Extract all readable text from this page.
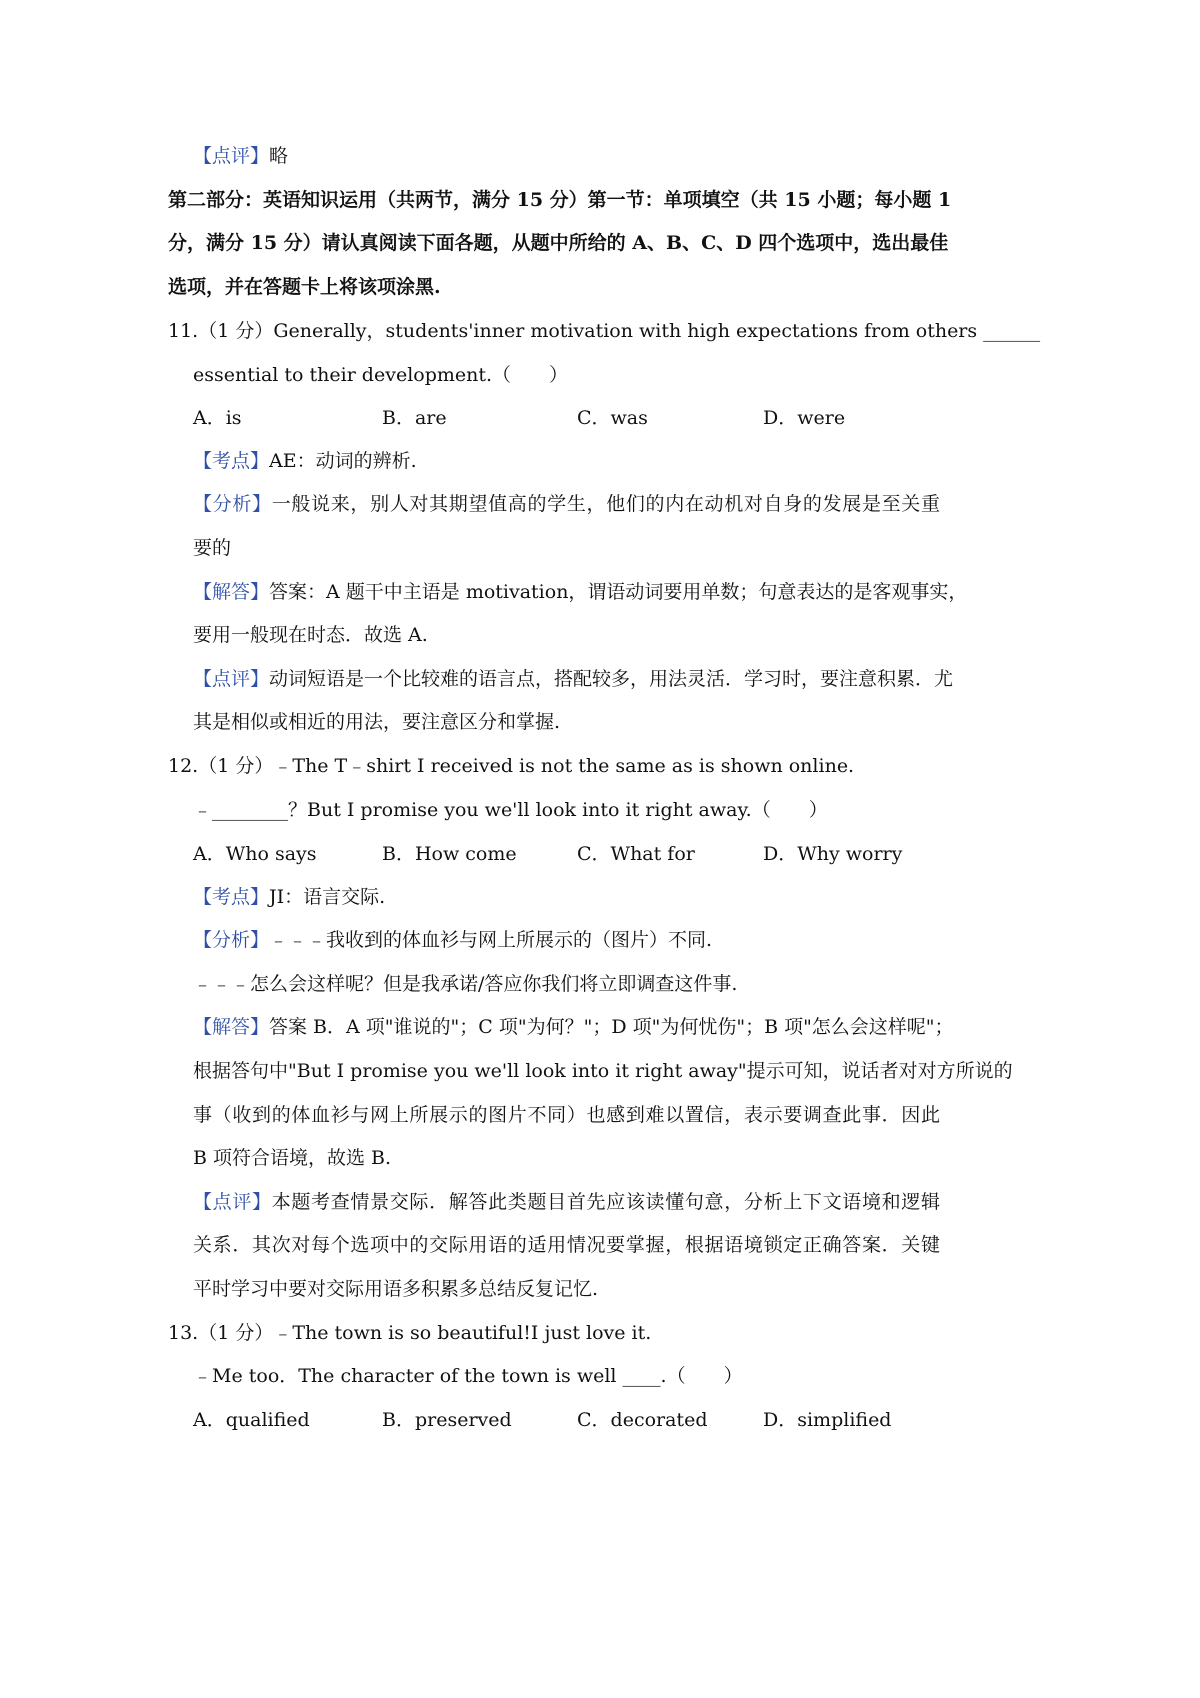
【点评】略
第二部分：英语知识运用（共两节，满分 15 分）第一节：单项填空（共 15 小题；每小题 1
分，满分 15 分）请认真阅读下面各题，从题中所给的 A、B、C、D 四个选项中，选出最佳
选项，并在答题卡上将该项涂黑.
11.（1 分）Generally，students'inner motivation with high expectations from others ______
essential to their development.（　　）
A．is	B．are	C．was	D．were
【考点】AE：动词的辨析.
【分析】一般说来，别人对其期望值高的学生，他们的内在动机对自身的发展是至关重
要的
【解答】答案：A 题干中主语是 motivation，谓语动词要用单数；句意表达的是客观事实，
要用一般现在时态．故选 A.
【点评】动词短语是一个比较难的语言点，搭配较多，用法灵活．学习时，要注意积累．尤
其是相似或相近的用法，要注意区分和掌握.
12.（1 分）﹣The T﹣shirt I received is not the same as is shown online.
﹣________？But I promise you we'll look into it right away.（　　）
A．Who says	B．How come	C．What for	D．Why worry
【考点】JI：语言交际.
【分析】﹣﹣﹣我收到的体血衫与网上所展示的（图片）不同.
﹣﹣﹣怎么会这样呢？但是我承诺/答应你我们将立即调查这件事.
【解答】答案 B．A 项"谁说的"；C 项"为何？"；D 项"为何忧伤"；B 项"怎么会这样呢"；
根据答句中"But I promise you we'll look into it right away"提示可知，说话者对对方所说的
事（收到的体血衫与网上所展示的图片不同）也感到难以置信，表示要调查此事．因此
B 项符合语境，故选 B.
【点评】本题考查情景交际．解答此类题目首先应该读懂句意，分析上下文语境和逻辑
关系．其次对每个选项中的交际用语的适用情况要掌握，根据语境锁定正确答案．关键
平时学习中要对交际用语多积累多总结反复记忆.
13.（1 分）﹣The town is so beautiful!I just love it.
﹣Me too．The character of the town is well ____.（　　）
A．qualified	B．preserved	C．decorated	D．simplified
